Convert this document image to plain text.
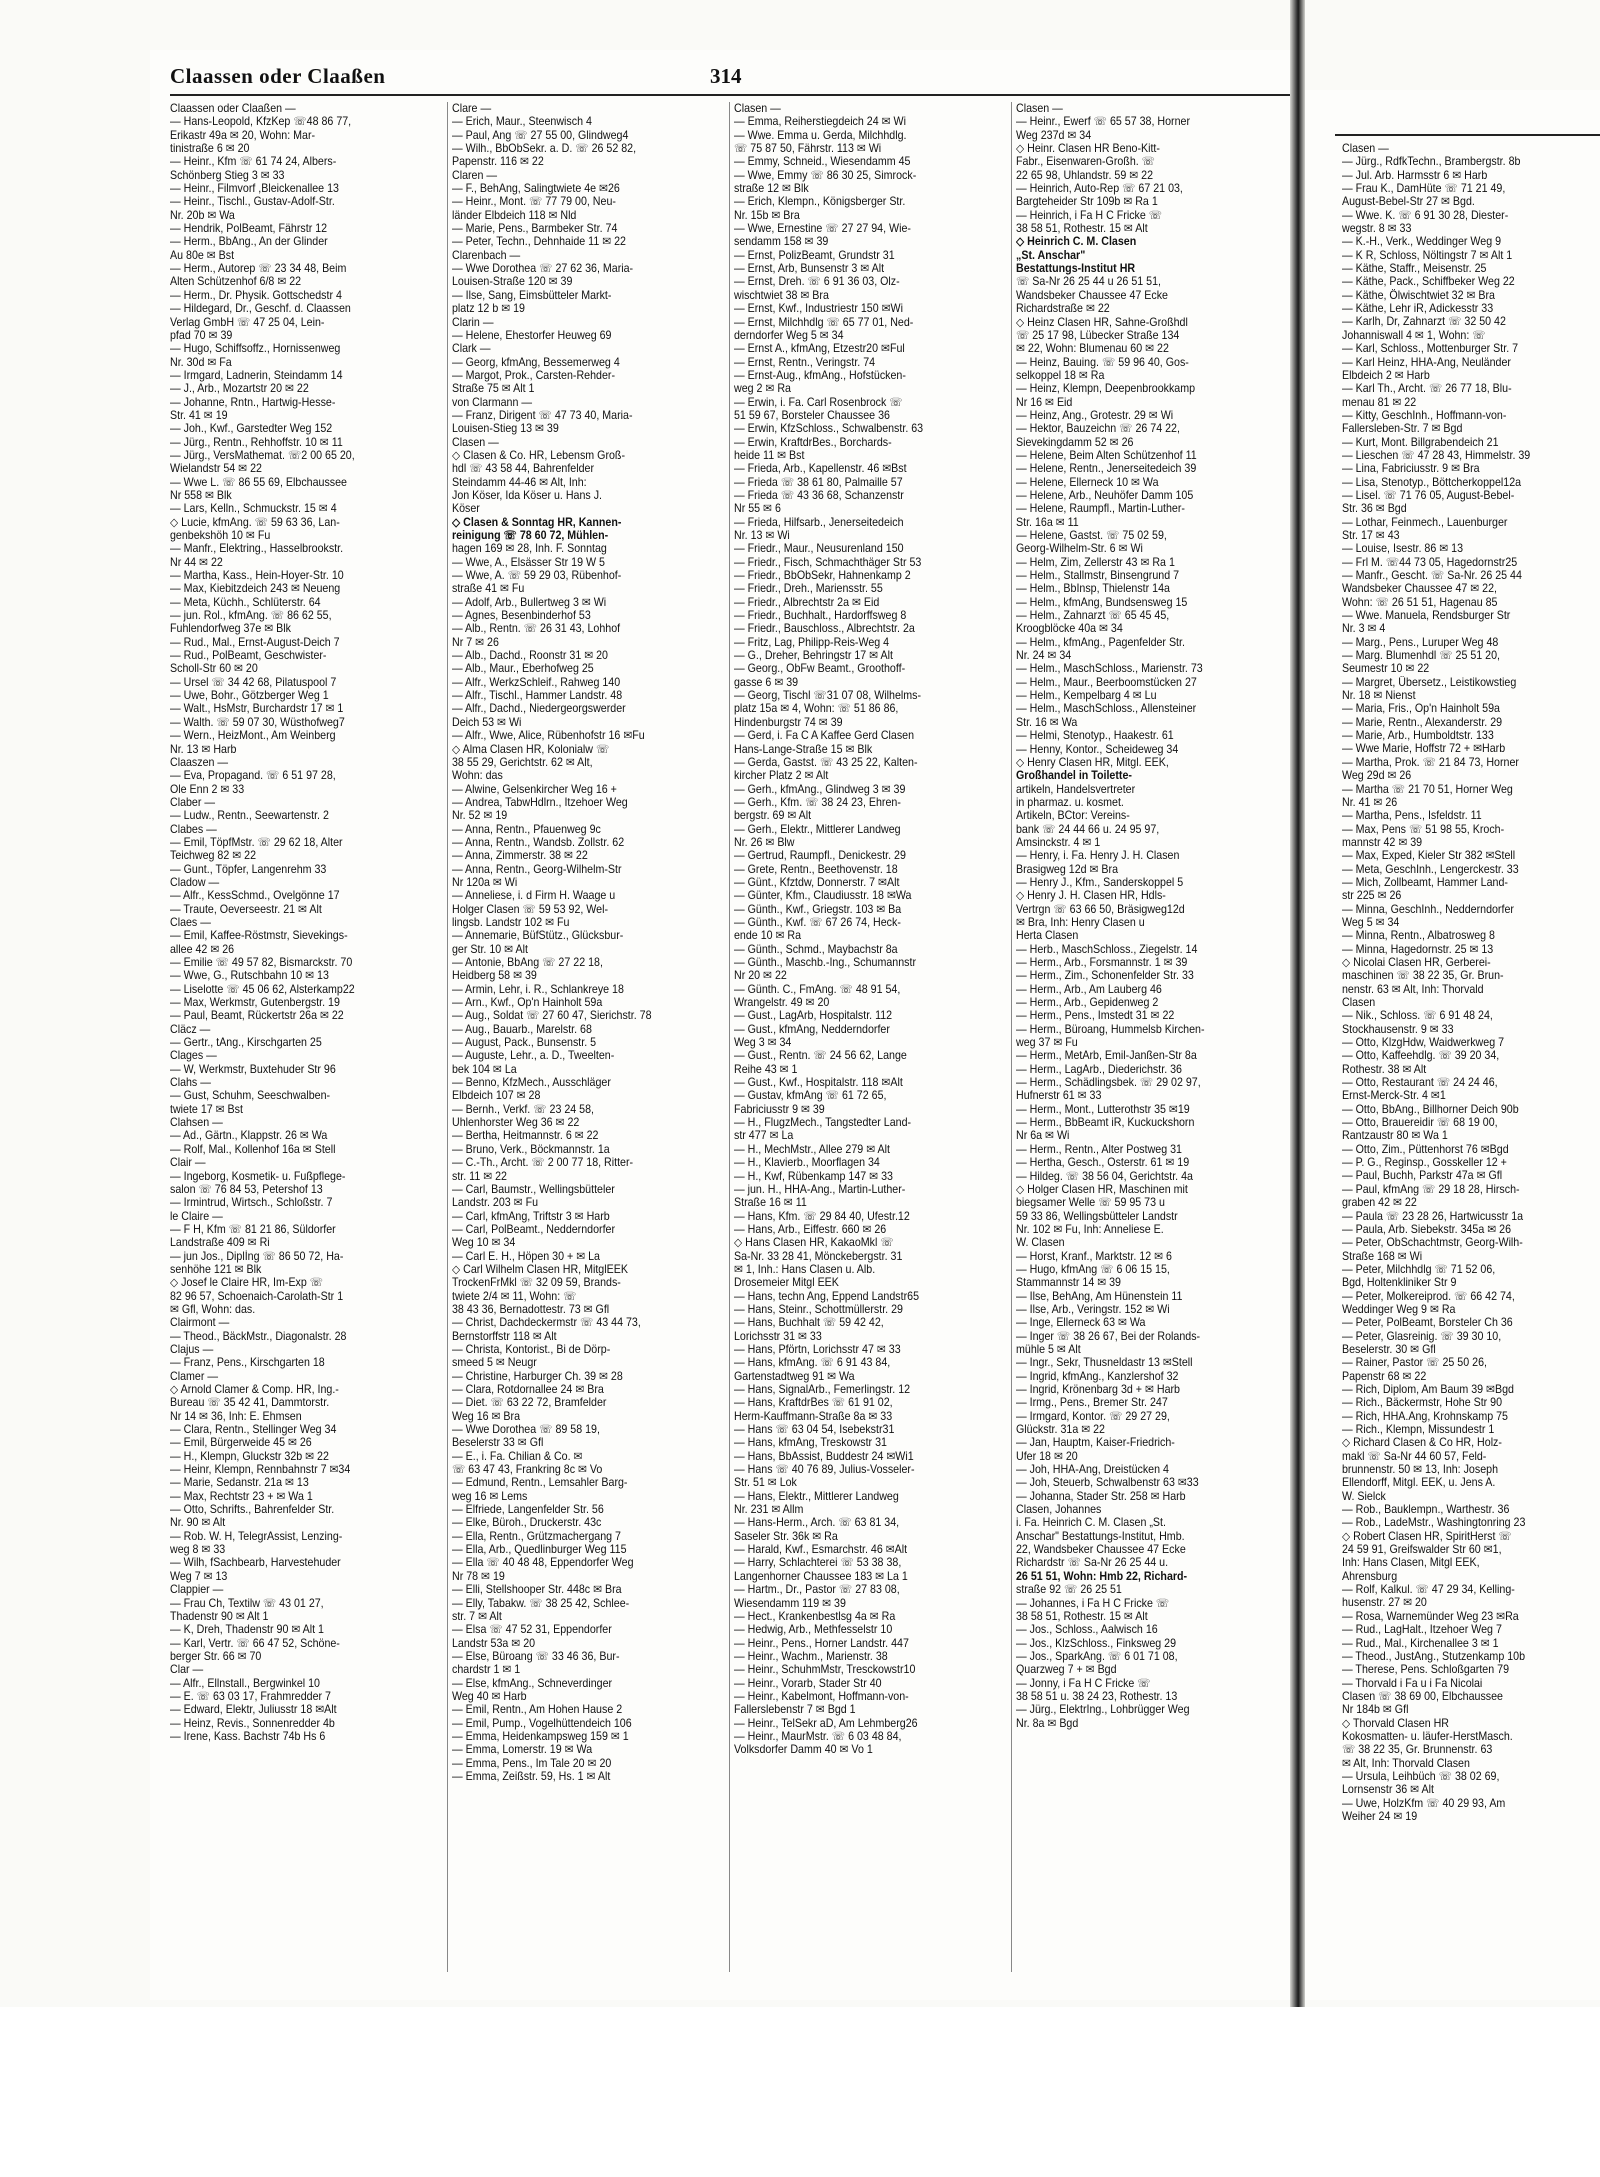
Claassen oder Claaßen	314
Claassen oder Claaßen —
— Hans-Leopold, KfzKep ☏48 86 77,
Erikastr 49a ✉ 20, Wohn: Mar-
tinistraße 6 ✉ 20
— Heinr., Kfm ☏ 61 74 24, Albers-
Schönberg Stieg 3 ✉ 33
— Heinr., Filmvorf ,Bleickenallee 13
— Heinr., Tischl., Gustav-Adolf-Str.
Nr. 20b ✉ Wa
— Hendrik, PolBeamt, Fährstr 12
— Herm., BbAng., An der Glinder
Au 80e ✉ Bst
— Herm., Autorep ☏ 23 34 48, Beim
Alten Schützenhof 6/8 ✉ 22
— Herm., Dr. Physik. Gottschedstr 4
— Hildegard, Dr., Geschf. d. Claassen
Verlag GmbH ☏ 47 25 04, Lein-
pfad 70 ✉ 39
— Hugo, Schiffsoffz., Hornissenweg
Nr. 30d ✉ Fa
— Irmgard, Ladnerin, Steindamm 14
— J., Arb., Mozartstr 20 ✉ 22
— Johanne, Rntn., Hartwig-Hesse-
Str. 41 ✉ 19
— Joh., Kwf., Garstedter Weg 152
— Jürg., Rentn., Rehhoffstr. 10 ✉ 11
— Jürg., VersMathemat. ☏2 00 65 20,
Wielandstr 54 ✉ 22
— Wwe L. ☏ 86 55 69, Elbchaussee
Nr 558 ✉ Blk
— Lars, Kelln., Schmuckstr. 15 ✉ 4
◇ Lucie, kfmAng. ☏ 59 63 36, Lan-
genbekshöh 10 ✉ Fu
— Manfr., Elektring., Hasselbrookstr.
Nr 44 ✉ 22
— Martha, Kass., Hein-Hoyer-Str. 10
— Max, Kiebitzdeich 243 ✉ Neueng
— Meta, Küchh., Schlüterstr. 64
— jun. Rol., kfmAng. ☏ 86 62 55,
Fuhlendorfweg 37e ✉ Blk
— Rud., Mal., Ernst-August-Deich 7
— Rud., PolBeamt, Geschwister-
Scholl-Str 60 ✉ 20
— Ursel ☏ 34 42 68, Pilatuspool 7
— Uwe, Bohr., Götzberger Weg 1
— Walt., HsMstr, Burchardstr 17 ✉ 1
— Walth. ☏ 59 07 30, Wüsthofweg7
— Wern., HeizMont., Am Weinberg
Nr. 13 ✉ Harb
Claaszen —
— Eva, Propagand. ☏ 6 51 97 28,
Ole Enn 2 ✉ 33
Claber —
— Ludw., Rentn., Seewartenstr. 2
Clabes —
— Emil, TöpfMstr. ☏ 29 62 18, Alter
Teichweg 82 ✉ 22
— Gunt., Töpfer, Langenrehm 33
Cladow —
— Alfr., KessSchmd., Ovelgönne 17
— Traute, Oeverseestr. 21 ✉ Alt
Claes —
— Emil, Kaffee-Röstmstr, Sievekings-
allee 42 ✉ 26
— Emilie ☏ 49 57 82, Bismarckstr. 70
— Wwe, G., Rutschbahn 10 ✉ 13
— Liselotte ☏ 45 06 62, Alsterkamp22
— Max, Werkmstr, Gutenbergstr. 19
— Paul, Beamt, Rückertstr 26a ✉ 22
Cläcz —
— Gertr., tAng., Kirschgarten 25
Clages —
— W, Werkmstr, Buxtehuder Str 96
Clahs —
— Gust, Schuhm, Seeschwalben-
twiete 17 ✉ Bst
Clahsen —
— Ad., Gärtn., Klappstr. 26 ✉ Wa
— Rolf, Mal., Kollenhof 16a ✉ Stell
Clair —
— Ingeborg, Kosmetik- u. Fußpflege-
salon ☏ 76 84 53, Petershof 13
— Irmintrud, Wirtsch., Schloßstr. 7
le Claire —
— F H, Kfm ☏ 81 21 86, Süldorfer
Landstraße 409 ✉ Ri
— jun Jos., Diplİng ☏ 86 50 72, Ha-
senhöhe 121 ✉ Blk
◇ Josef le Claire HR, Im-Exp ☏
82 96 57, Schoenaich-Carolath-Str 1
✉ Gfl, Wohn: das.
Clairmont —
— Theod., BäckMstr., Diagonalstr. 28
Clajus —
— Franz, Pens., Kirschgarten 18
Clamer —
◇ Arnold Clamer & Comp. HR, Ing.-
Bureau ☏ 35 42 41, Dammtorstr.
Nr 14 ✉ 36, Inh: E. Ehmsen
— Clara, Rentn., Stellinger Weg 34
— Emil, Bürgerweide 45 ✉ 26
— H., Klempn, Gluckstr 32b ✉ 22
— Heinr, Klempn, Rennbahnstr 7 ✉34
— Marie, Sedanstr. 21a ✉ 13
— Max, Rechtstr 23 + ✉ Wa 1
— Otto, Schrifts., Bahrenfelder Str.
Nr. 90 ✉ Alt
— Rob. W. H, TelegrAssist, Lenzing-
weg 8 ✉ 33
— Wilh, fSachbearb, Harvestehuder
Weg 7 ✉ 13
Clappier —
— Frau Ch, Textilw ☏ 43 01 27,
Thadenstr 90 ✉ Alt 1
— K, Dreh, Thadenstr 90 ✉ Alt 1
— Karl, Vertr. ☏ 66 47 52, Schöne-
berger Str. 66 ✉ 70
Clar —
— Alfr., Ellnstall., Bergwinkel 10
— E. ☏ 63 03 17, Frahmredder 7
— Edward, Elektr, Juliusstr 18 ✉Alt
— Heinz, Revis., Sonnenredder 4b
— Irene, Kass. Bachstr 74b Hs 6
Clare —
— Erich, Maur., Steenwisch 4
— Paul, Ang ☏ 27 55 00, Glindweg4
— Wilh., BbObSekr. a. D. ☏ 26 52 82,
Papenstr. 116 ✉ 22
Claren —
— F., BehAng, Salingtwiete 4e ✉26
— Heinr., Mont. ☏ 77 79 00, Neu-
länder Elbdeich 118 ✉ Nld
— Marie, Pens., Barmbeker Str. 74
— Peter, Techn., Dehnhaide 11 ✉ 22
Clarenbach —
— Wwe Dorothea ☏ 27 62 36, Maria-
Louisen-Straße 120 ✉ 39
— Ilse, Sang, Eimsbütteler Markt-
platz 12 b ✉ 19
Clarin —
— Helene, Ehestorfer Heuweg 69
Clark —
— Georg, kfmAng, Bessemerweg 4
— Margot, Prok., Carsten-Rehder-
Straße 75 ✉ Alt 1
von Clarmann —
— Franz, Dirigent ☏ 47 73 40, Maria-
Louisen-Stieg 13 ✉ 39
Clasen —
◇ Clasen & Co. HR, Lebensm Groß-
hdl ☏ 43 58 44, Bahrenfelder
Steindamm 44-46 ✉ Alt, Inh:
Jon Köser, Ida Köser u. Hans J.
Köser
◇ Clasen & Sonntag HR, Kannen-
reinigung ☏ 78 60 72, Mühlen-
hagen 169 ✉ 28, Inh. F. Sonntag
— Wwe, A., Elsässer Str 19 W 5
— Wwe, A. ☏ 59 29 03, Rübenhof-
straße 41 ✉ Fu
— Adolf, Arb., Bullertweg 3 ✉ Wi
— Agnes, Besenbinderhof 53
— Alb., Rentn. ☏ 26 31 43, Lohhof
Nr 7 ✉ 26
— Alb., Dachd., Roonstr 31 ✉ 20
— Alb., Maur., Eberhofweg 25
— Alfr., WerkzSchleif., Rahweg 140
— Alfr., Tischl., Hammer Landstr. 48
— Alfr., Dachd., Niedergeorgswerder
Deich 53 ✉ Wi
— Alfr., Wwe, Alice, Rübenhofstr 16 ✉Fu
◇ Alma Clasen HR, Kolonialw ☏
38 55 29, Gerichtstr. 62 ✉ Alt,
Wohn: das
— Alwine, Gelsenkircher Weg 16 +
— Andrea, TabwHdlrn., Itzehoer Weg
Nr. 52 ✉ 19
— Anna, Rentn., Pfauenweg 9c
— Anna, Rentn., Wandsb. Zollstr. 62
— Anna, Zimmerstr. 38 ✉ 22
— Anna, Rentn., Georg-Wilhelm-Str
Nr 120a ✉ Wi
— Anneliese, i. d Firm H. Waage u
Holger Clasen ☏ 59 53 92, Wel-
lingsb. Landstr 102 ✉ Fu
— Annemarie, BüfStütz., Glücksbur-
ger Str. 10 ✉ Alt
— Antonie, BbAng ☏ 27 22 18,
Heidberg 58 ✉ 39
— Armin, Lehr, i. R., Schlankreye 18
— Arn., Kwf., Op'n Hainholt 59a
— Aug., Soldat ☏ 27 60 47, Sierichstr. 78
— Aug., Bauarb., Marelstr. 68
— August, Pack., Bunsenstr. 5
— Auguste, Lehr., a. D., Tweelten-
bek 104 ✉ La
— Benno, KfzMech., Ausschläger
Elbdeich 107 ✉ 28
— Bernh., Verkf. ☏ 23 24 58,
Uhlenhorster Weg 36 ✉ 22
— Bertha, Heitmannstr. 6 ✉ 22
— Bruno, Verk., Böckmannstr. 1a
— C.-Th., Archt. ☏ 2 00 77 18, Ritter-
str. 11 ✉ 22
— Carl, Baumstr., Wellingsbütteler
Landstr. 203 ✉ Fu
— Carl, kfmAng, Triftstr 3 ✉ Harb
— Carl, PolBeamt., Nedderndorfer
Weg 10 ✉ 34
— Carl E. H., Höpen 30 + ✉ La
◇ Carl Wilhelm Clasen HR, MitglEEK
TrockenFrMkl ☏ 32 09 59, Brands-
twiete 2/4 ✉ 11, Wohn: ☏
38 43 36, Bernadottestr. 73 ✉ Gfl
— Christ, Dachdeckermstr ☏ 43 44 73,
Bernstorffstr 118 ✉ Alt
— Christa, Kontorist., Bi de Dörp-
smeed 5 ✉ Neugr
— Christine, Harburger Ch. 39 ✉ 28
— Clara, Rotdornallee 24 ✉ Bra
— Diet. ☏ 63 22 72, Bramfelder
Weg 16 ✉ Bra
— Wwe Dorothea ☏ 89 58 19,
Beselerstr 33 ✉ Gfl
— E., i. Fa. Chilian & Co. ✉
☏ 63 47 43, Frankring 8c ✉ Vo
— Edmund, Rentn., Lemsahler Barg-
weg 16 ✉ Lems
— Elfriede, Langenfelder Str. 56
— Elke, Büroh., Druckerstr. 43c
— Ella, Rentn., Grützmachergang 7
— Ella, Arb., Quedlinburger Weg 115
— Ella ☏ 40 48 48, Eppendorfer Weg
Nr 78 ✉ 19
— Elli, Stellshooper Str. 448c ✉ Bra
— Elly, Tabakw. ☏ 38 25 42, Schlee-
str. 7 ✉ Alt
— Elsa ☏ 47 52 31, Eppendorfer
Landstr 53a ✉ 20
— Else, Büroang ☏ 33 46 36, Bur-
chardstr 1 ✉ 1
— Else, kfmAng., Schneverdinger
Weg 40 ✉ Harb
— Emil, Rentn., Am Hohen Hause 2
— Emil, Pump., Vogelhüttendeich 106
— Emma, Heidenkampsweg 159 ✉ 1
— Emma, Lomerstr. 19 ✉ Wa
— Emma, Pens., Im Tale 20 ✉ 20
— Emma, Zeißstr. 59, Hs. 1 ✉ Alt
Clasen —
— Emma, Reiherstiegdeich 24 ✉ Wi
— Wwe. Emma u. Gerda, Milchhdlg.
☏ 75 87 50, Fährstr. 113 ✉ Wi
— Emmy, Schneid., Wiesendamm 45
— Wwe, Emmy ☏ 86 30 25, Simrock-
straße 12 ✉ Blk
— Erich, Klempn., Königsberger Str.
Nr. 15b ✉ Bra
— Wwe, Ernestine ☏ 27 27 94, Wie-
sendamm 158 ✉ 39
— Ernst, PolizBeamt, Grundstr 31
— Ernst, Arb, Bunsenstr 3 ✉ Alt
— Ernst, Dreh. ☏ 6 91 36 03, Olz-
wischtwiet 38 ✉ Bra
— Ernst, Kwf., Industriestr 150 ✉Wi
— Ernst, Milchhdlg ☏ 65 77 01, Ned-
derndorfer Weg 5 ✉ 34
— Ernst A., kfmAng, Etzestr20 ✉Ful
— Ernst, Rentn., Veringstr. 74
— Ernst-Aug., kfmAng., Hofstücken-
weg 2 ✉ Ra
— Erwin, i. Fa. Carl Rosenbrock ☏
51 59 67, Borsteler Chaussee 36
— Erwin, KfzSchloss., Schwalbenstr. 63
— Erwin, KraftdrBes., Borchards-
heide 11 ✉ Bst
— Frieda, Arb., Kapellenstr. 46 ✉Bst
— Frieda ☏ 38 61 80, Palmaille 57
— Frieda ☏ 43 36 68, Schanzenstr
Nr 55 ✉ 6
— Frieda, Hilfsarb., Jenerseitedeich
Nr. 13 ✉ Wi
— Friedr., Maur., Neusurenland 150
— Friedr., Fisch, Schmachthäger Str 53
— Friedr., BbObSekr, Hahnenkamp 2
— Friedr., Dreh., Mariensstr. 55
— Friedr., Albrechtstr 2a ✉ Eid
— Friedr., Buchhalt., Hardorffsweg 8
— Friedr., Bauschloss., Albrechtstr. 2a
— Fritz, Lag, Philipp-Reis-Weg 4
— G., Dreher, Behringstr 17 ✉ Alt
— Georg., ObFw Beamt., Groothoff-
gasse 6 ✉ 39
— Georg, Tischl ☏31 07 08, Wilhelms-
platz 15a ✉ 4, Wohn: ☏ 51 86 86,
Hindenburgstr 74 ✉ 39
— Gerd, i. Fa C A Kaffee Gerd Clasen
Hans-Lange-Straße 15 ✉ Blk
— Gerda, Gastst. ☏ 43 25 22, Kalten-
kircher Platz 2 ✉ Alt
— Gerh., kfmAng., Glindweg 3 ✉ 39
— Gerh., Kfm. ☏ 38 24 23, Ehren-
bergstr. 69 ✉ Alt
— Gerh., Elektr., Mittlerer Landweg
Nr. 26 ✉ Blw
— Gertrud, Raumpfl., Denickestr. 29
— Grete, Rentn., Beethovenstr. 18
— Günt., Kfztdw, Donnerstr. 7 ✉Alt
— Günter, Kfm., Claudiusstr. 18 ✉Wa
— Günth., Kwf., Griegstr. 103 ✉ Ba
— Günth., Kwf. ☏ 67 26 74, Heck-
ende 10 ✉ Ra
— Günth., Schmd., Maybachstr 8a
— Günth., Maschb.-Ing., Schumannstr
Nr 20 ✉ 22
— Günth. C., FmAng. ☏ 48 91 54,
Wrangelstr. 49 ✉ 20
— Gust., LagArb, Hospitalstr. 112
— Gust., kfmAng, Nedderndorfer
Weg 3 ✉ 34
— Gust., Rentn. ☏ 24 56 62, Lange
Reihe 43 ✉ 1
— Gust., Kwf., Hospitalstr. 118 ✉Alt
— Gustav, kfmAng ☏ 61 72 65,
Fabriciusstr 9 ✉ 39
— H., FlugzMech., Tangstedter Land-
str 477 ✉ La
— H., MechMstr., Allee 279 ✉ Alt
— H., Klavierb., Moorflagen 34
— H., Kwf, Rübenkamp 147 ✉ 33
— jun. H., HHA-Ang., Martin-Luther-
Straße 16 ✉ 11
— Hans, Kfm. ☏ 29 84 40, Ufestr.12
— Hans, Arb., Eiffestr. 660 ✉ 26
◇ Hans Clasen HR, KakaoMkl ☏
Sa-Nr. 33 28 41, Mönckebergstr. 31
✉ 1, Inh.: Hans Clasen u. Alb.
Drosemeier Mitgl EEK
— Hans, techn Ang, Eppend Landstr65
— Hans, Steinr., Schottmüllerstr. 29
— Hans, Buchhalt ☏ 59 42 42,
Lorichsstr 31 ✉ 33
— Hans, Pförtn, Lorichsstr 47 ✉ 33
— Hans, kfmAng. ☏ 6 91 43 84,
Gartenstadtweg 91 ✉ Wa
— Hans, SignalArb., Femerlingstr. 12
— Hans, KraftdrBes ☏ 61 91 02,
Herm-Kauffmann-Straße 8a ✉ 33
— Hans ☏ 63 04 54, Isebekstr31
— Hans, kfmAng, Treskowstr 31
— Hans, BbAssist, Buddestr 24 ✉Wi1
— Hans ☏ 40 76 89, Julius-Vosseler-
Str. 51 ✉ Lok
— Hans, Elektr., Mittlerer Landweg
Nr. 231 ✉ Allm
— Hans-Herm., Arch. ☏ 63 81 34,
Saseler Str. 36k ✉ Ra
— Harald, Kwf., Esmarchstr. 46 ✉Alt
— Harry, Schlachterei ☏ 53 38 38,
Langenhorner Chaussee 183 ✉ La 1
— Hartm., Dr., Pastor ☏ 27 83 08,
Wiesendamm 119 ✉ 39
— Hect., Krankenbestlsg 4a ✉ Ra
— Hedwig, Arb., Methfesselstr 10
— Heinr., Pens., Horner Landstr. 447
— Heinr., Wachm., Marienstr. 38
— Heinr., SchuhmMstr, Tresckowstr10
— Heinr., Vorarb, Stader Str 40
— Heinr., Kabelmont, Hoffmann-von-
Fallerslebenstr 7 ✉ Bgd 1
— Heinr., TelSekr aD, Am Lehmberg26
— Heinr., MaurMstr. ☏ 6 03 48 84,
Volksdorfer Damm 40 ✉ Vo 1
Clasen —
— Heinr., Ewerf ☏ 65 57 38, Horner
Weg 237d ✉ 34
◇ Heinr. Clasen HR Beno-Kitt-
Fabr., Eisenwaren-Großh. ☏
22 65 98, Uhlandstr. 59 ✉ 22
— Heinrich, Auto-Rep ☏ 67 21 03,
Bargteheider Str 109b ✉ Ra 1
— Heinrich, i Fa H C Fricke ☏
38 58 51, Rothestr. 15 ✉ Alt
◇ Heinrich C. M. Clasen
„St. Anschar"
Bestattungs-Institut HR
☏ Sa-Nr 26 25 44 u 26 51 51,
Wandsbeker Chaussee 47 Ecke
Richardstraße ✉ 22
◇ Heinz Clasen HR, Sahne-Großhdl
☏ 25 17 98, Lübecker Straße 134
✉ 22, Wohn: Blumenau 60 ✉ 22
— Heinz, Bauing. ☏ 59 96 40, Gos-
selkoppel 18 ✉ Ra
— Heinz, Klempn, Deepenbrookkamp
Nr 16 ✉ Eid
— Heinz, Ang., Grotestr. 29 ✉ Wi
— Hektor, Bauzeichn ☏ 26 74 22,
Sievekingdamm 52 ✉ 26
— Helene, Beim Alten Schützenhof 11
— Helene, Rentn., Jenerseitedeich 39
— Helene, Ellerneck 10 ✉ Wa
— Helene, Arb., Neuhöfer Damm 105
— Helene, Raumpfl., Martin-Luther-
Str. 16a ✉ 11
— Helene, Gastst. ☏ 75 02 59,
Georg-Wilhelm-Str. 6 ✉ Wi
— Helm, Zim, Zellerstr 43 ✉ Ra 1
— Helm., Stallmstr, Binsengrund 7
— Helm., BbInsp, Thielenstr 14a
— Helm., kfmAng, Bundsensweg 15
— Helm., Zahnarzt ☏ 65 45 45,
Kroogblöcke 40a ✉ 34
— Helm., kfmAng., Pagenfelder Str.
Nr. 24 ✉ 34
— Helm., MaschSchloss., Marienstr. 73
— Helm., Maur., Beerboomstücken 27
— Helm., Kempelbarg 4 ✉ Lu
— Helm., MaschSchloss., Allensteiner
Str. 16 ✉ Wa
— Helmi, Stenotyp., Haakestr. 61
— Henny, Kontor., Scheideweg 34
◇ Henry Clasen HR, Mitgl. EEK,
Großhandel in Toilette-
artikeln, Handelsvertreter
in pharmaz. u. kosmet.
Artikeln, BCtor: Vereins-
bank ☏ 24 44 66 u. 24 95 97,
Amsinckstr. 4 ✉ 1
— Henry, i. Fa. Henry J. H. Clasen
Brasigweg 12d ✉ Bra
— Henry J., Kfm., Sanderskoppel 5
◇ Henry J. H. Clasen HR, Hdls-
Vertrgn ☏ 63 66 50, Bräsigweg12d
✉ Bra, Inh: Henry Clasen u
Herta Clasen
— Herb., MaschSchloss., Ziegelstr. 14
— Herm., Arb., Forsmannstr. 1 ✉ 39
— Herm., Zim., Schonenfelder Str. 33
— Herm., Arb., Am Lauberg 46
— Herm., Arb., Gepidenweg 2
— Herm., Pens., Imstedt 31 ✉ 22
— Herm., Büroang, Hummelsb Kirchen-
weg 37 ✉ Fu
— Herm., MetArb, Emil-Janßen-Str 8a
— Herm., LagArb., Diederichstr. 36
— Herm., Schädlingsbek. ☏ 29 02 97,
Hufnerstr 61 ✉ 33
— Herm., Mont., Lutterothstr 35 ✉19
— Herm., BbBeamt iR, Kuckuckshorn
Nr 6a ✉ Wi
— Herm., Rentn., Alter Postweg 31
— Hertha, Gesch., Osterstr. 61 ✉ 19
— Hildeg. ☏ 38 56 04, Gerichtstr. 4a
◇ Holger Clasen HR, Maschinen mit
biegsamer Welle ☏ 59 95 73 u
59 33 86, Wellingsbütteler Landstr
Nr. 102 ✉ Fu, Inh: Anneliese E.
W. Clasen
— Horst, Kranf., Marktstr. 12 ✉ 6
— Hugo, kfmAng ☏ 6 06 15 15,
Stammannstr 14 ✉ 39
— Ilse, BehAng, Am Hünenstein 11
— Ilse, Arb., Veringstr. 152 ✉ Wi
— Inge, Ellerneck 63 ✉ Wa
— Inger ☏ 38 26 67, Bei der Rolands-
mühle 5 ✉ Alt
— Ingr., Sekr, Thusneldastr 13 ✉Stell
— Ingrid, kfmAng., Kanzlershof 32
— Ingrid, Krönenbarg 3d + ✉ Harb
— Irmg., Pens., Bremer Str. 247
— Irmgard, Kontor. ☏ 29 27 29,
Glückstr. 31a ✉ 22
— Jan, Hauptm, Kaiser-Friedrich-
Ufer 18 ✉ 20
— Joh, HHA-Ang, Dreistücken 4
— Joh, Steuerb, Schwalbenstr 63 ✉33
— Johanna, Stader Str. 258 ✉ Harb
Clasen, Johannes
i. Fa. Heinrich C. M. Clasen „St.
Anschar" Bestattungs-Institut, Hmb.
22, Wandsbeker Chaussee 47 Ecke
Richardstr ☏ Sa-Nr 26 25 44 u.
26 51 51, Wohn: Hmb 22, Richard-
straße 92 ☏ 26 25 51
— Johannes, i Fa H C Fricke ☏
38 58 51, Rothestr. 15 ✉ Alt
— Jos., Schloss., Aalwisch 16
— Jos., KlzSchloss., Finksweg 29
— Jos., SparkAng. ☏ 6 01 71 08,
Quarzweg 7 + ✉ Bgd
— Jonny, i Fa H C Fricke ☏
38 58 51 u. 38 24 23, Rothestr. 13
— Jürg., ElektrIng., Lohbrügger Weg
Nr. 8a ✉ Bgd
Clasen —
— Jürg., RdfkTechn., Brambergstr. 8b
— Jul. Arb. Harmsstr 6 ✉ Harb
— Frau K., DamHüte ☏ 71 21 49,
August-Bebel-Str 27 ✉ Bgd.
— Wwe. K. ☏ 6 91 30 28, Diester-
wegstr. 8 ✉ 33
— K.-H., Verk., Weddinger Weg 9
— K R, Schloss, Nöltingstr 7 ✉ Alt 1
— Käthe, Staffr., Meisenstr. 25
— Käthe, Pack., Schiffbeker Weg 22
— Käthe, Ölwischtwiet 32 ✉ Bra
— Käthe, Lehr iR, Adickesstr 33
— Karlh, Dr, Zahnarzt ☏ 32 50 42
Johanniswall 4 ✉ 1, Wohn: ☏
— Karl, Schloss., Mottenburger Str. 7
— Karl Heinz, HHA-Ang, Neuländer
Elbdeich 2 ✉ Harb
— Karl Th., Archt. ☏ 26 77 18, Blu-
menau 81 ✉ 22
— Kitty, GeschInh., Hoffmann-von-
Fallersleben-Str. 7 ✉ Bgd
— Kurt, Mont. Billgrabendeich 21
— Lieschen ☏ 47 28 43, Himmelstr. 39
— Lina, Fabriciusstr. 9 ✉ Bra
— Lisa, Stenotyp., Böttcherkoppel12a
— Lisel. ☏ 71 76 05, August-Bebel-
Str. 36 ✉ Bgd
— Lothar, Feinmech., Lauenburger
Str. 17 ✉ 43
— Louise, Isestr. 86 ✉ 13
— Frl M. ☏44 73 05, Hagedornstr25
— Manfr., Gescht. ☏ Sa-Nr. 26 25 44
Wandsbeker Chaussee 47 ✉ 22,
Wohn: ☏ 26 51 51, Hagenau 85
— Wwe. Manuela, Rendsburger Str
Nr. 3 ✉ 4
— Marg., Pens., Luruper Weg 48
— Marg. Blumenhdl ☏ 25 51 20,
Seumestr 10 ✉ 22
— Margret, Übersetz., Leistikowstieg
Nr. 18 ✉ Nienst
— Maria, Fris., Op'n Hainholt 59a
— Marie, Rentn., Alexanderstr. 29
— Marie, Arb., Humboldtstr. 133
— Wwe Marie, Hoffstr 72 + ✉Harb
— Martha, Prok. ☏ 21 84 73, Horner
Weg 29d ✉ 26
— Martha ☏ 21 70 51, Horner Weg
Nr. 41 ✉ 26
— Martha, Pens., Isfeldstr. 11
— Max, Pens ☏ 51 98 55, Kroch-
mannstr 42 ✉ 39
— Max, Exped, Kieler Str 382 ✉Stell
— Meta, GeschInh., Lengerckestr. 33
— Mich, Zollbeamt, Hammer Land-
str 225 ✉ 26
— Minna, GeschInh., Nedderndorfer
Weg 5 ✉ 34
— Minna, Rentn., Albatrosweg 8
— Minna, Hagedornstr. 25 ✉ 13
◇ Nicolai Clasen HR, Gerberei-
maschinen ☏ 38 22 35, Gr. Brun-
nenstr. 63 ✉ Alt, Inh: Thorvald
Clasen
— Nik., Schloss. ☏ 6 91 48 24,
Stockhausenstr. 9 ✉ 33
— Otto, KlzgHdw, Waidwerkweg 7
— Otto, Kaffeehdlg. ☏ 39 20 34,
Rothestr. 38 ✉ Alt
— Otto, Restaurant ☏ 24 24 46,
Ernst-Merck-Str. 4 ✉1
— Otto, BbAng., Billhorner Deich 90b
— Otto, Brauereidir ☏ 68 19 00,
Rantzaustr 80 ✉ Wa 1
— Otto, Zim., Püttenhorst 76 ✉Bgd
— P. G., Reginsp., Gosskeller 12 +
— Paul, Buchh, Parkstr 47a ✉ Gfl
— Paul, kfmAng ☏ 29 18 28, Hirsch-
graben 42 ✉ 22
— Paula ☏ 23 28 26, Hartwicusstr 1a
— Paula, Arb. Siebekstr. 345a ✉ 26
— Peter, ObSchachtmstr, Georg-Wilh-
Straße 168 ✉ Wi
— Peter, Milchhdlg ☏ 71 52 06,
Bgd, Holtenkliniker Str 9
— Peter, Molkereiprod. ☏ 66 42 74,
Weddinger Weg 9 ✉ Ra
— Peter, PolBeamt, Borsteler Ch 36
— Peter, Glasreinig. ☏ 39 30 10,
Beselerstr. 30 ✉ Gfl
— Rainer, Pastor ☏ 25 50 26,
Papenstr 68 ✉ 22
— Rich, Diplom, Am Baum 39 ✉Bgd
— Rich., Bäckermstr, Hohe Str 90
— Rich, HHA.Ang, Krohnskamp 75
— Rich., Klempn, Missundestr 1
◇ Richard Clasen & Co HR, Holz-
makl ☏ Sa-Nr 44 60 57, Feld-
brunnenstr. 50 ✉ 13, Inh: Joseph
Ellendorff, Mitgl. EEK, u. Jens A.
W. Sielck
— Rob., Bauklempn., Warthestr. 36
— Rob., LadeMstr., Washingtonring 23
◇ Robert Clasen HR, SpiritHerst ☏
24 59 91, Greifswalder Str 60 ✉1,
Inh: Hans Clasen, Mitgl EEK,
Ahrensburg
— Rolf, Kalkul. ☏ 47 29 34, Kelling-
husenstr. 27 ✉ 20
— Rosa, Warnemünder Weg 23 ✉Ra
— Rud., LagHalt., Itzehoer Weg 7
— Rud., Mal., Kirchenallee 3 ✉ 1
— Theod., JustAng., Stutzenkamp 10b
— Therese, Pens. Schloßgarten 79
— Thorvald i Fa u i Fa Nicolai
Clasen ☏ 38 69 00, Elbchaussee
Nr 184b ✉ Gfl
◇ Thorvald Clasen HR
Kokosmatten- u. läufer-HerstMasch.
☏ 38 22 35, Gr. Brunnenstr. 63
✉ Alt, Inh: Thorvald Clasen
— Ursula, Leihbüch ☏ 38 02 69,
Lornsenstr 36 ✉ Alt
— Uwe, HolzKfm ☏ 40 29 93, Am
Weiher 24 ✉ 19
